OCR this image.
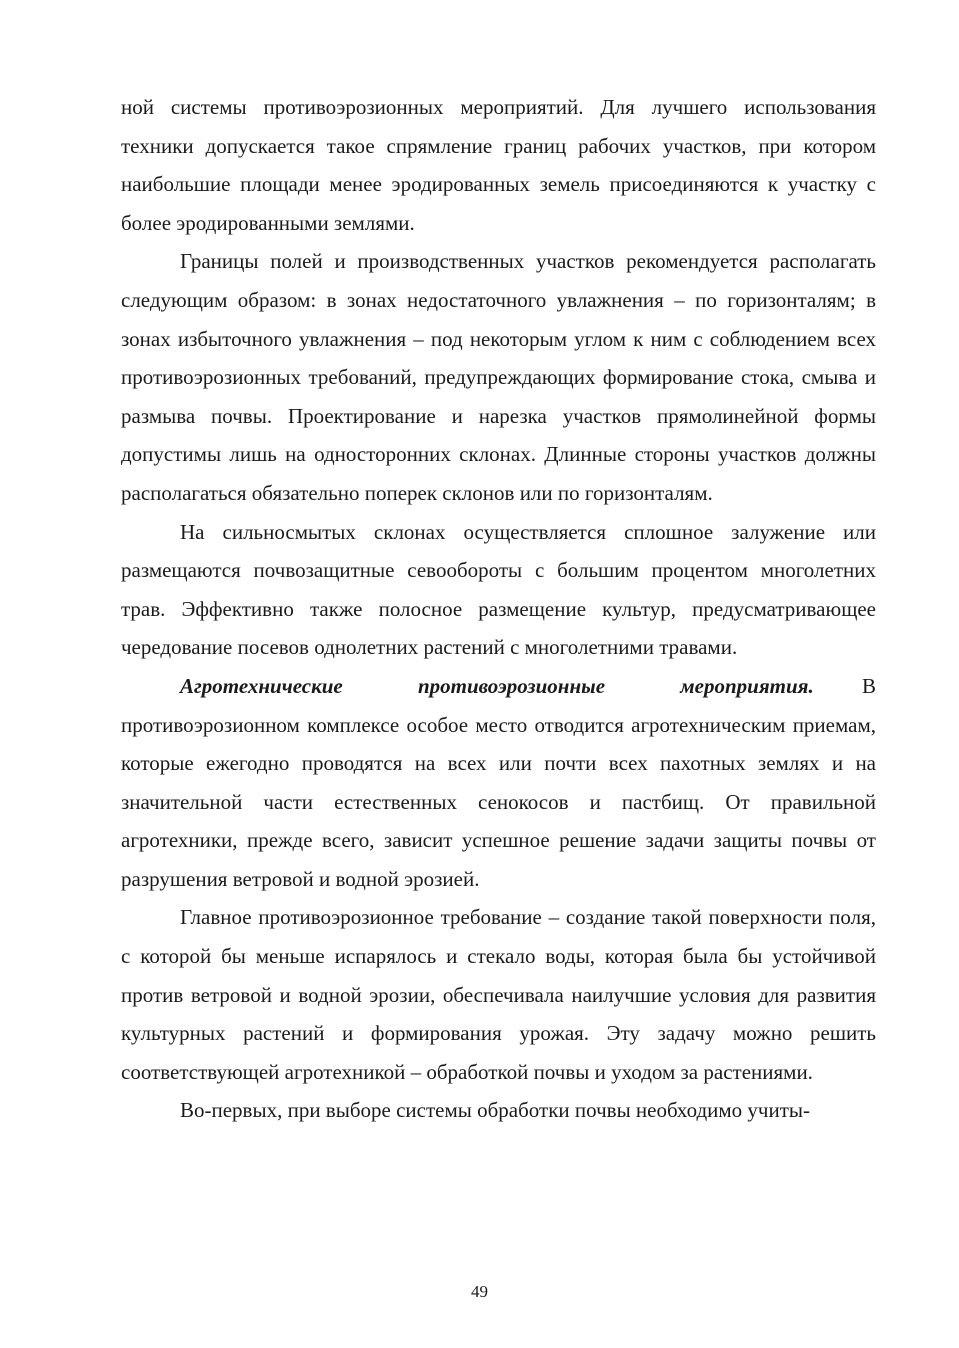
ной системы противоэрозионных мероприятий. Для лучшего использования техники допускается такое спрямление границ рабочих участков, при котором наибольшие площади менее эродированных земель присоединяются к участку с более эродированными землями.

Границы полей и производственных участков рекомендуется располагать следующим образом: в зонах недостаточного увлажнения – по горизонталям; в зонах избыточного увлажнения – под некоторым углом к ним с соблюдением всех противоэрозионных требований, предупреждающих формирование стока, смыва и размыва почвы. Проектирование и нарезка участков прямолинейной формы допустимы лишь на односторонних склонах. Длинные стороны участков должны располагаться обязательно поперек склонов или по горизонталям.

На сильносмытых склонах осуществляется сплошное залужение или размещаются почвозащитные севообороты с большим процентом многолетних трав. Эффективно также полосное размещение культур, предусматривающее чередование посевов однолетних растений с многолетними травами.

Агротехнические противоэрозионные мероприятия. В противоэрозионном комплексе особое место отводится агротехническим приемам, которые ежегодно проводятся на всех или почти всех пахотных землях и на значительной части естественных сенокосов и пастбищ. От правильной агротехники, прежде всего, зависит успешное решение задачи защиты почвы от разрушения ветровой и водной эрозией.

Главное противоэрозионное требование – создание такой поверхности поля, с которой бы меньше испарялось и стекало воды, которая была бы устойчивой против ветровой и водной эрозии, обеспечивала наилучшие условия для развития культурных растений и формирования урожая. Эту задачу можно решить соответствующей агротехникой – обработкой почвы и уходом за растениями.

Во-первых, при выборе системы обработки почвы необходимо учиты-

49
